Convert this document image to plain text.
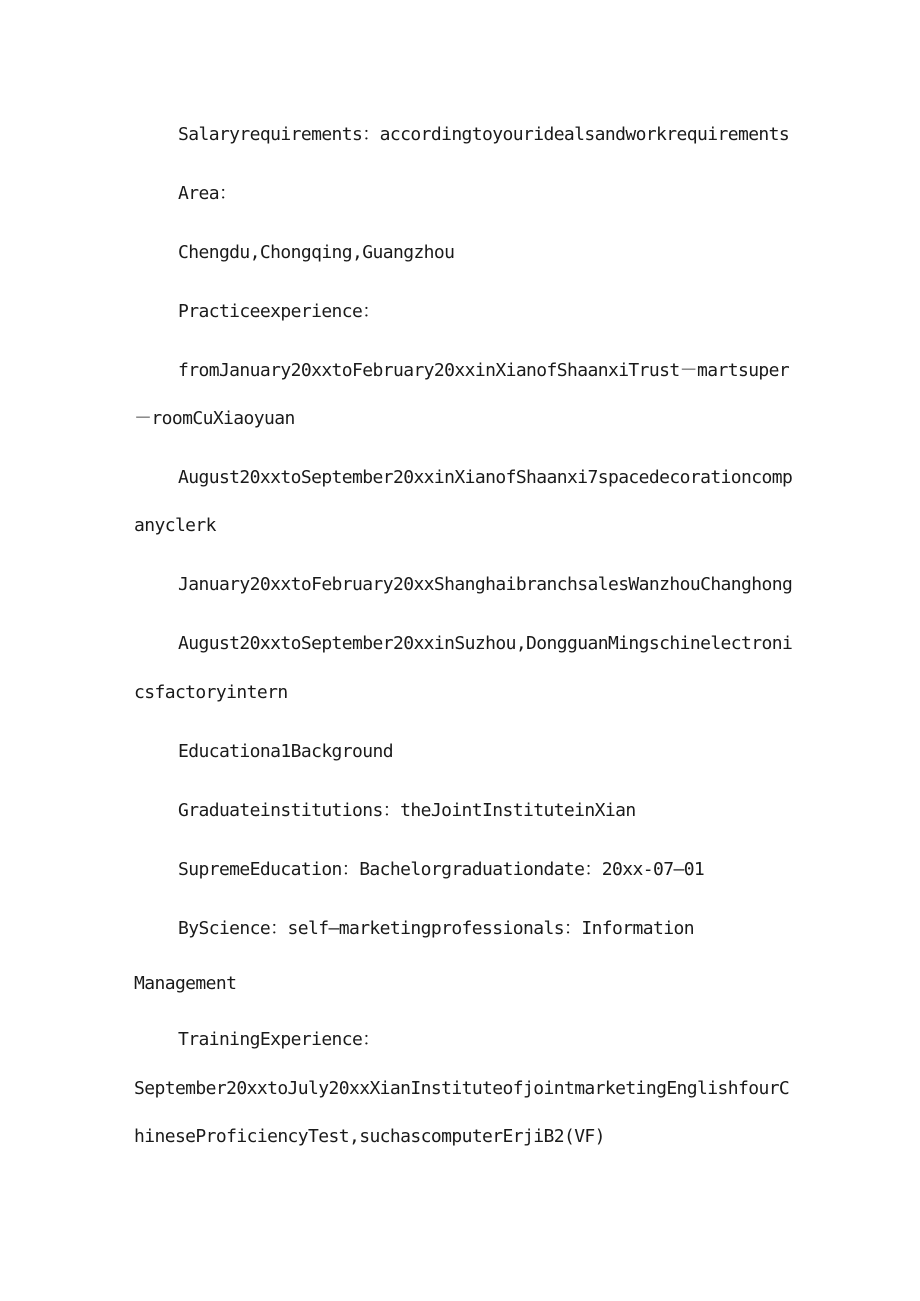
Salaryrequirements：accordingtoyouridealsandworkrequirements
Area：
Chengdu,Chongqing,Guangzhou
Practiceexperience：
fromJanuary20xxtoFebruary20xxinXianofShaanxiTrust－martsuper
－roomCuXiaoyuan
August20xxtoSeptember20xxinXianofShaanxi7spacedecorationcomp
anyclerk
January20xxtoFebruary20xxShanghaibranchsalesWanzhouChanghong
August20xxtoSeptember20xxinSuzhou,DongguanMingschinelectroni
csfactoryintern
Educationa1Background
Graduateinstitutions：theJointInstituteinXian
SupremeEducation：Bachelorgraduationdate：20xx-07—01
ByScience：self—marketingprofessionals：Information
Management
TrainingExperience：
September20xxtoJuly20xxXianInstituteofjointmarketingEnglishfourC
hineseProficiencyTest,suchascomputerErjiB2(VF)
